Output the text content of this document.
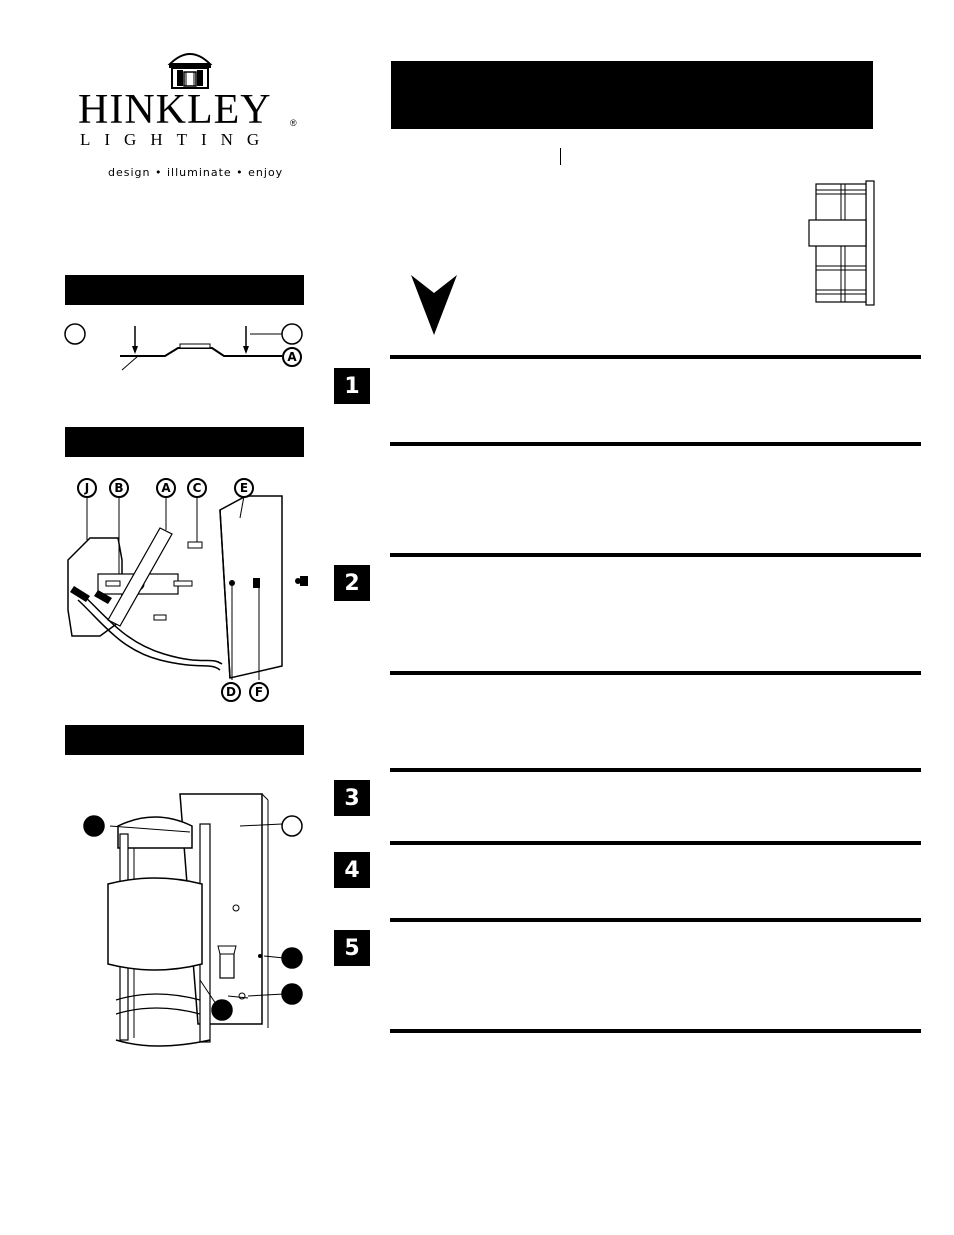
HINKLEY ®
LIGHTING
design • illuminate • enjoy
A
J	B	A	C	E
D	F
1
2
3
4
5
